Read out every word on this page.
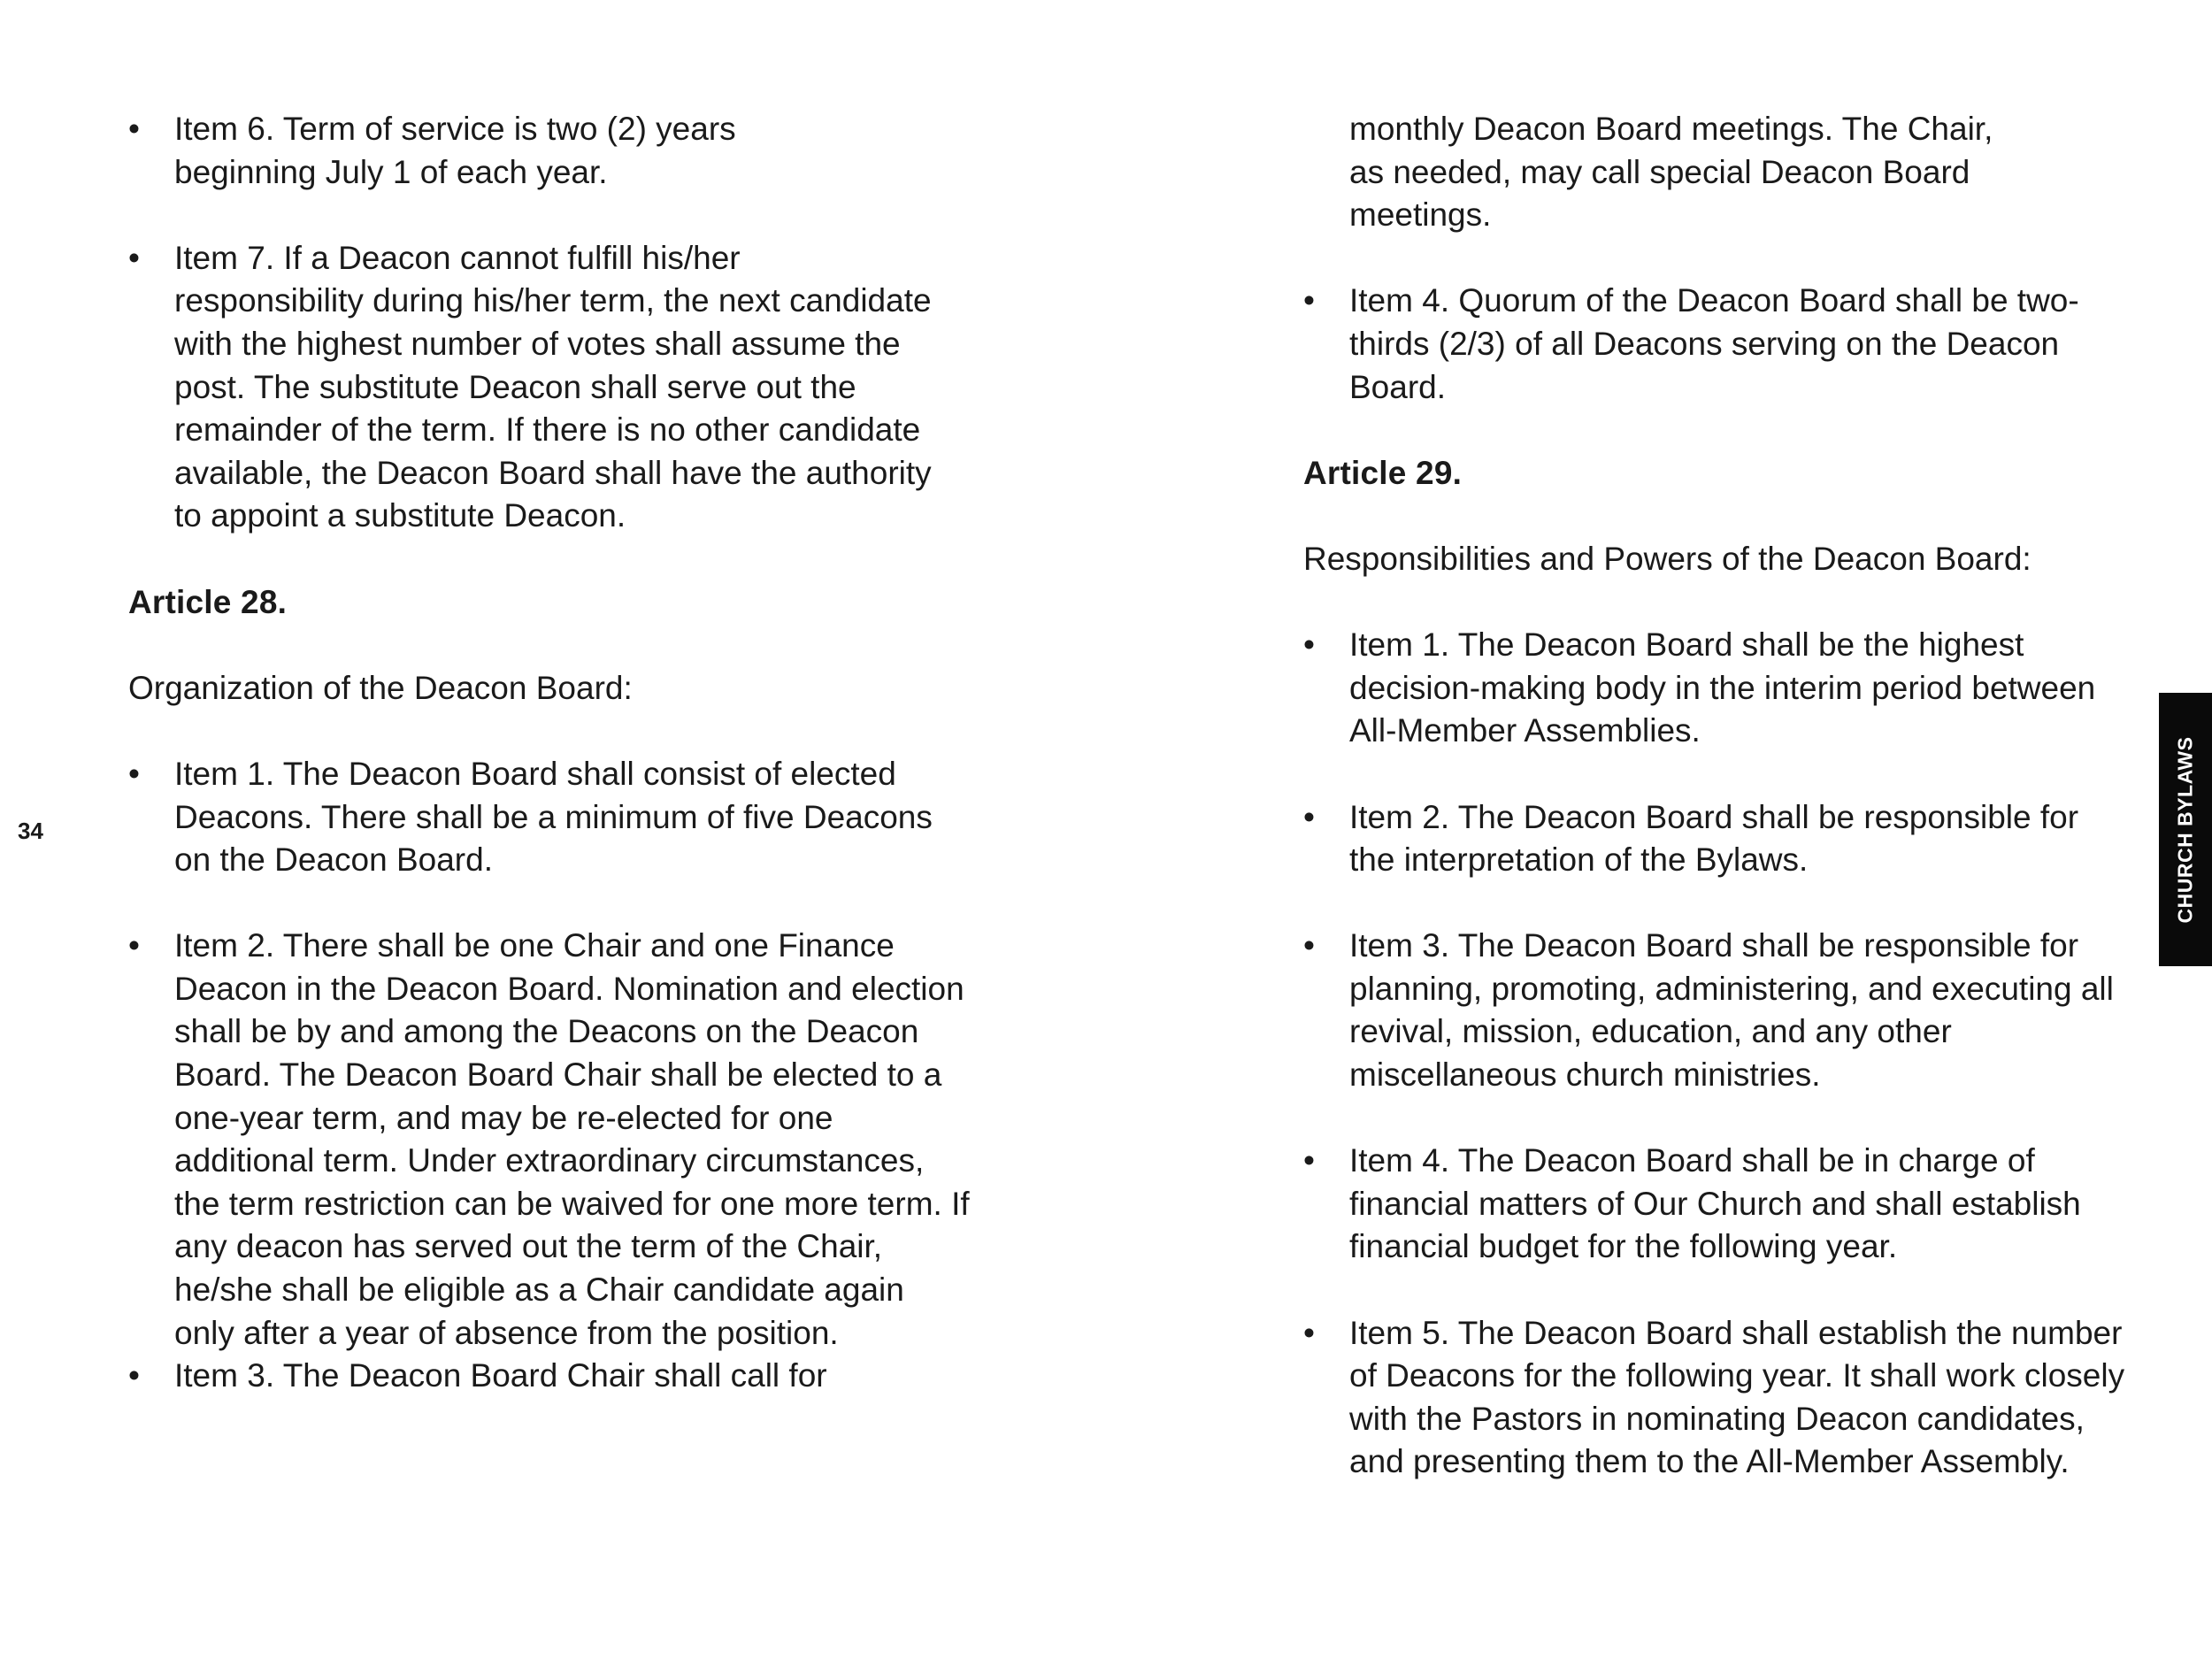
34	CHURCH BYLAWS
•	Item 6. Term of service is two (2) years beginning July 1 of each year.
•	Item 7. If a Deacon cannot fulfill his/her responsibility during his/her term, the next candidate with the highest number of votes shall assume the post. The substitute Deacon shall serve out the remainder of the term. If there is no other candidate available, the Deacon Board shall have the authority to appoint a substitute Deacon.
Article 28.
Organization of the Deacon Board:
•	Item 1. The Deacon Board shall consist of elected Deacons. There shall be a minimum of five Deacons on the Deacon Board.
•	Item 2. There shall be one Chair and one Finance Deacon in the Deacon Board. Nomination and election shall be by and among the Deacons on the Deacon Board. The Deacon Board Chair shall be elected to a one-year term, and may be re-elected for one additional term. Under extraordinary circumstances, the term restriction can be waived for one more term. If any deacon has served out the term of the Chair, he/she shall be eligible as a Chair candidate again only after a year of absence from the position.
•	Item 3. The Deacon Board Chair shall call for
monthly Deacon Board meetings. The Chair, as needed, may call special Deacon Board meetings.
•	Item 4. Quorum of the Deacon Board shall be two-thirds (2/3) of all Deacons serving on the Deacon Board.
Article 29.
Responsibilities and Powers of the Deacon Board:
•	Item 1. The Deacon Board shall be the highest decision-making body in the interim period between All-Member Assemblies.
•	Item 2. The Deacon Board shall be responsible for the interpretation of the Bylaws.
•	Item 3. The Deacon Board shall be responsible for planning, promoting, administering, and executing all revival, mission, education, and any other miscellaneous church ministries.
•	Item 4. The Deacon Board shall be in charge of financial matters of Our Church and shall establish financial budget for the following year.
•	Item 5. The Deacon Board shall establish the number of Deacons for the following year. It shall work closely with the Pastors in nominating Deacon candidates, and presenting them to the All-Member Assembly.
